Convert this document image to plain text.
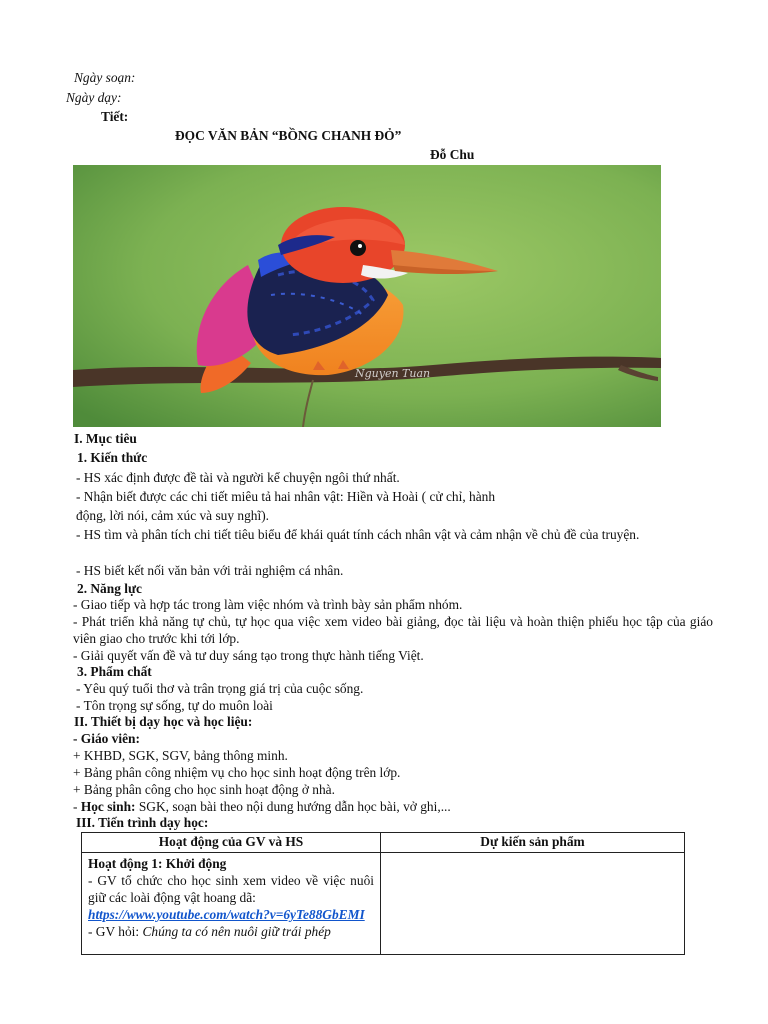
Ngày soạn:
Ngày dạy:
Tiết:
ĐỌC VĂN BẢN “BỒNG CHANH ĐỎ”
Đỗ Chu
Nguyen Tuan
I. Mục tiêu
1. Kiến thức
- HS xác định được đề tài và người kể chuyện ngôi thứ nhất.
- Nhận biết được các chi tiết miêu tả hai nhân vật: Hiền và Hoài ( cử chỉ, hành
động, lời nói, cảm xúc và suy nghĩ).
- HS tìm và phân tích chi tiết tiêu biểu để khái quát tính cách nhân vật và cảm nhận về chủ đề của truyện.
- HS biết kết nối văn bản với trải nghiệm cá nhân.
2. Năng lực
- Giao tiếp và hợp tác trong làm việc nhóm và trình bày sản phẩm nhóm.
- Phát triển khả năng tự chủ, tự học qua việc xem video bài giảng, đọc tài liệu và hoàn thiện phiếu học tập của giáo viên giao cho trước khi tới lớp.
- Giải quyết vấn đề và tư duy sáng tạo trong thực hành tiếng Việt.
3. Phẩm chất
- Yêu quý tuổi thơ và trân trọng giá trị của cuộc sống.
- Tôn trọng sự sống, tự do muôn loài
II. Thiết bị dạy học và học liệu:
- Giáo viên:
+ KHBD, SGK, SGV, bảng thông minh.
+ Bảng phân công nhiệm vụ cho học sinh hoạt động trên lớp.
+ Bảng phân công cho học sinh hoạt động ở nhà.
- Học sinh: SGK, soạn bài theo nội dung hướng dẫn học bài, vở ghi,...
III. Tiến trình dạy học:
Hoạt động của GV và HS	Dự kiến sản phẩm

Hoạt động 1: Khởi động
- GV tổ chức cho học sinh xem video về việc nuôi giữ các loài động vật hoang dã:
https://www.youtube.com/watch?v=6yTe88GbEMI
- GV hỏi: Chúng ta có nên nuôi giữ trái phép	
